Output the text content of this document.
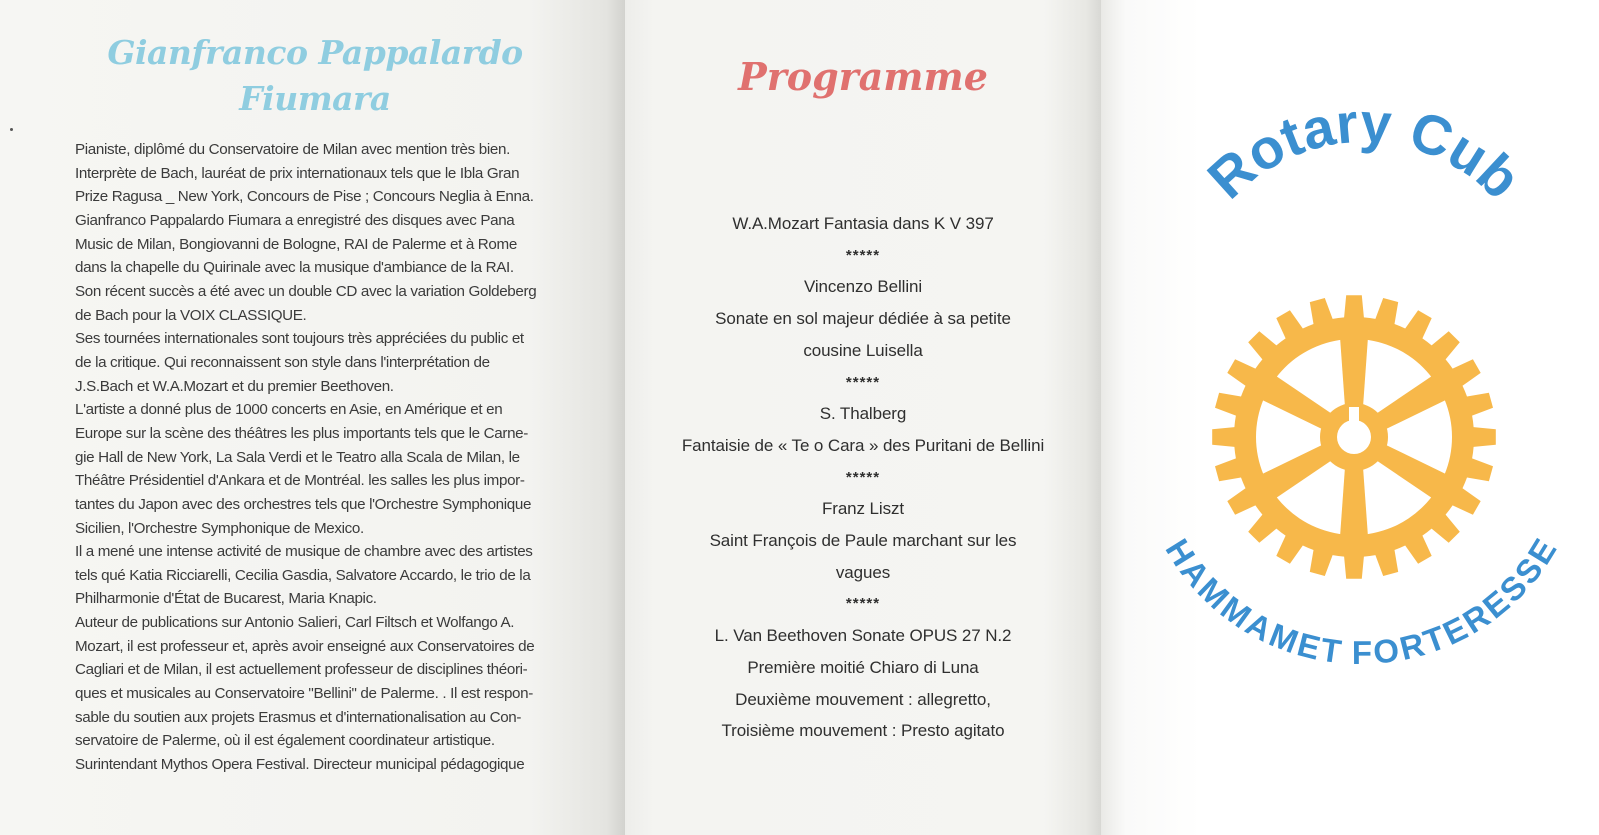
Gianfranco Pappalardo
Fiumara

Pianiste, diplômé du Conservatoire de Milan avec mention très bien.
Interprète de Bach, lauréat de prix internationaux tels que le Ibla Gran
Prize Ragusa _ New York, Concours de Pise ; Concours Neglia à Enna.
Gianfranco Pappalardo Fiumara a enregistré des disques avec Pana
Music de Milan, Bongiovanni de Bologne, RAI de Palerme et à Rome
dans la chapelle du Quirinale avec la musique d'ambiance de la RAI.
Son récent succès a été avec un double CD avec la variation Goldeberg
de Bach pour la VOIX CLASSIQUE.
Ses tournées internationales sont toujours très appréciées du public et
de la critique. Qui reconnaissent son style dans l'interprétation de
J.S.Bach et W.A.Mozart et du premier Beethoven.
L'artiste a donné plus de 1000 concerts en Asie, en Amérique et en
Europe sur la scène des théâtres les plus importants tels que le Carne-
gie Hall de New York, La Sala Verdi et le Teatro alla Scala de Milan, le
Théâtre Présidentiel d'Ankara et de Montréal. les salles les plus impor-
tantes du Japon avec des orchestres tels que l'Orchestre Symphonique
Sicilien, l'Orchestre Symphonique de Mexico.
Il a mené une intense activité de musique de chambre avec des artistes
tels qué Katia Ricciarelli, Cecilia Gasdia, Salvatore Accardo, le trio de la
Philharmonie d'État de Bucarest, Maria Knapic.
Auteur de publications sur Antonio Salieri, Carl Filtsch et Wolfango A.
Mozart, il est professeur et, après avoir enseigné aux Conservatoires de
Cagliari et de Milan, il est actuellement professeur de disciplines théori-
ques et musicales au Conservatoire "Bellini" de Palerme. . Il est respon-
sable du soutien aux projets Erasmus et d'internationalisation au Con-
servatoire de Palerme, où il est également coordinateur artistique.
Surintendant Mythos Opera Festival. Directeur municipal pédagogique

Programme

W.A.Mozart Fantasia dans K V 397
*****
Vincenzo Bellini
Sonate en sol majeur dédiée à sa petite
cousine Luisella
*****
S. Thalberg
Fantaisie de « Te o Cara » des Puritani de Bellini
*****
Franz Liszt
Saint François de Paule marchant sur les
vagues
*****
L. Van Beethoven Sonate OPUS 27 N.2
Première moitié Chiaro di Luna
Deuxième mouvement : allegretto,
Troisième mouvement : Presto agitato

Rotary Cub
HAMMAMET FORTERESSE
